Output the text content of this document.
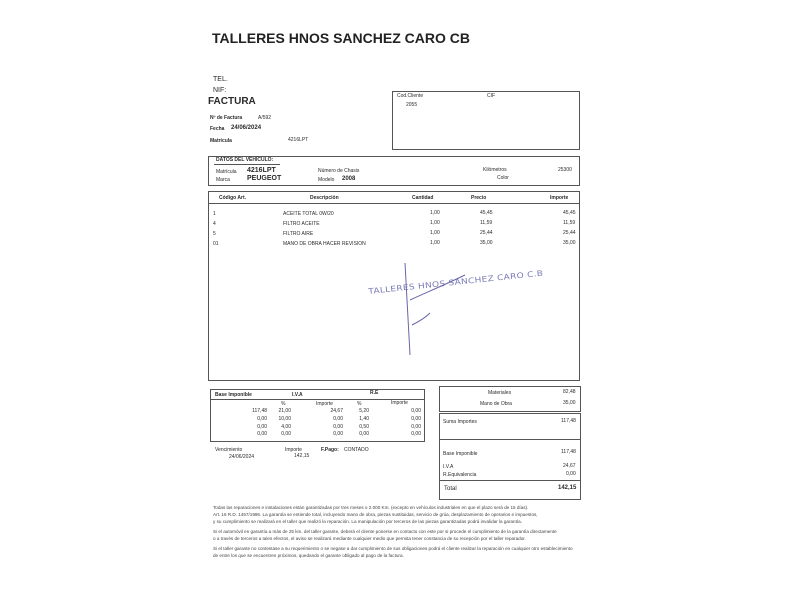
TALLERES HNOS SANCHEZ CARO CB
TEL.
NIF:
FACTURA
Nº de Factura	A/592
Fecha 24/06/2024
Matrícula	4216LPT
Cod.Cliente	CIF
2055
DATOS DEL VEHÍCULO:
Matrícula 4216LPT
Marca PEUGEOT
Número de Chasis
Modelo 2008
Kilómetros	25300
Color
Código Art.	Descripción	Cantidad	Precio	Importe
1	ACEITE TOTAL 0W/20	1,00	45,45	45,45
4	FILTRO ACEITE	1,00	11,59	11,59
5	FILTRO AIRE	1,00	25,44	25,44
01	MANO DE OBRA HACER REVISION	1,00	35,00	35,00
TALLERES HNOS SANCHEZ CARO C.B
Base Imponible	I.V.A	R.E
%	Importe	%	Importe
117,48	21,00	24,67	5,20	0,00
0,00	10,00	0,00	1,40	0,00
0,00	4,00	0,00	0,50	0,00
0,00	0,00	0,00	0,00	0,00
Vencimiento
24/06/2024
Importe
142,15
F.Pago: CONTADO
Materiales	82,48
Mano de Obra	35,00
Suma Importes	117,48
Base Imponible	117,48
I.V.A	24,67
R.Equivalencia	0,00
Total	142,15
Todas las reparaciones e instalaciones están garantizadas por tres meses o 2.000 Km. (excepto en vehículos industriales en que el plazo será de 15 días).
Art. 16 R.D. 1457/1986. La garantía se entiende total, incluyendo mano de obra, piezas sustituidas, servicio de grúa, desplazamiento de operarios e impuestos,
y su cumplimiento se realizará en el taller que realizó la reparación. La manipulación por terceros de las piezas garantizadas podrá invalidar la garantía.
Si el automóvil en garantía a más de 25 km. del taller garante, deberá el cliente ponerse en contacto con este por si procede el cumplimiento de la garantía directamente
o a través de terceros a tales efectos, el aviso se realizará mediante cualquier medio que permita tener constancia de su recepción por el taller reparador.
Si el taller garante no contestase a su requerimiento o se negase a dar cumplimiento de sus obligaciones podrá el cliente realizar la reparación en cualquier otro establecimiento
de entre los que se encuentren próximos, quedando el garante obligado al pago de la factura.
